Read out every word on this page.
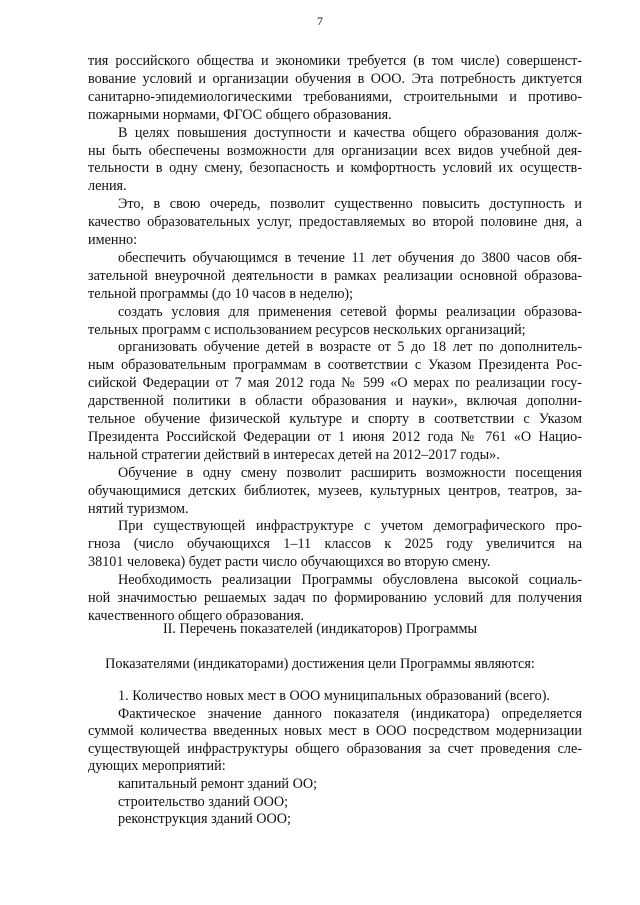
7
тия российского общества и экономики требуется (в том числе) совершенст-
вование условий и организации обучения в ООО. Эта потребность диктуется
санитарно-эпидемиологическими требованиями, строительными и противо-
пожарными нормами, ФГОС общего образования.
В целях повышения доступности и качества общего образования долж-
ны быть обеспечены возможности для организации всех видов учебной дея-
тельности в одну смену, безопасность и комфортность условий их осуществ-
ления.
Это, в свою очередь, позволит существенно повысить доступность и
качество образовательных услуг, предоставляемых во второй половине дня, а
именно:
обеспечить обучающимся в течение 11 лет обучения до 3800 часов обя-
зательной внеурочной деятельности в рамках реализации основной образова-
тельной программы (до 10 часов в неделю);
создать условия для применения сетевой формы реализации образова-
тельных программ с использованием ресурсов нескольких организаций;
организовать обучение детей в возрасте от 5 до 18 лет по дополнитель-
ным образовательным программам в соответствии с Указом Президента Рос-
сийской Федерации от 7 мая 2012 года № 599 «О мерах по реализации госу-
дарственной политики в области образования и науки», включая дополни-
тельное обучение физической культуре и спорту в соответствии с Указом
Президента Российской Федерации от 1 июня 2012 года № 761 «О Нацио-
нальной стратегии действий в интересах детей на 2012–2017 годы».
Обучение в одну смену позволит расширить возможности посещения
обучающимися детских библиотек, музеев, культурных центров, театров, за-
нятий туризмом.
При существующей инфраструктуре с учетом демографического про-
гноза (число обучающихся 1–11 классов к 2025 году увеличится на
38101 человека) будет расти число обучающихся во вторую смену.
Необходимость реализации Программы обусловлена высокой социаль-
ной значимостью решаемых задач по формированию условий для получения
качественного общего образования.
II. Перечень показателей (индикаторов) Программы
Показателями (индикаторами) достижения цели Программы являются:
1. Количество новых мест в ООО муниципальных образований (всего).
Фактическое значение данного показателя (индикатора) определяется
суммой количества введенных новых мест в ООО посредством модернизации
существующей инфраструктуры общего образования за счет проведения сле-
дующих мероприятий:
капитальный ремонт зданий ОО;
строительство зданий ООО;
реконструкция зданий ООО;
